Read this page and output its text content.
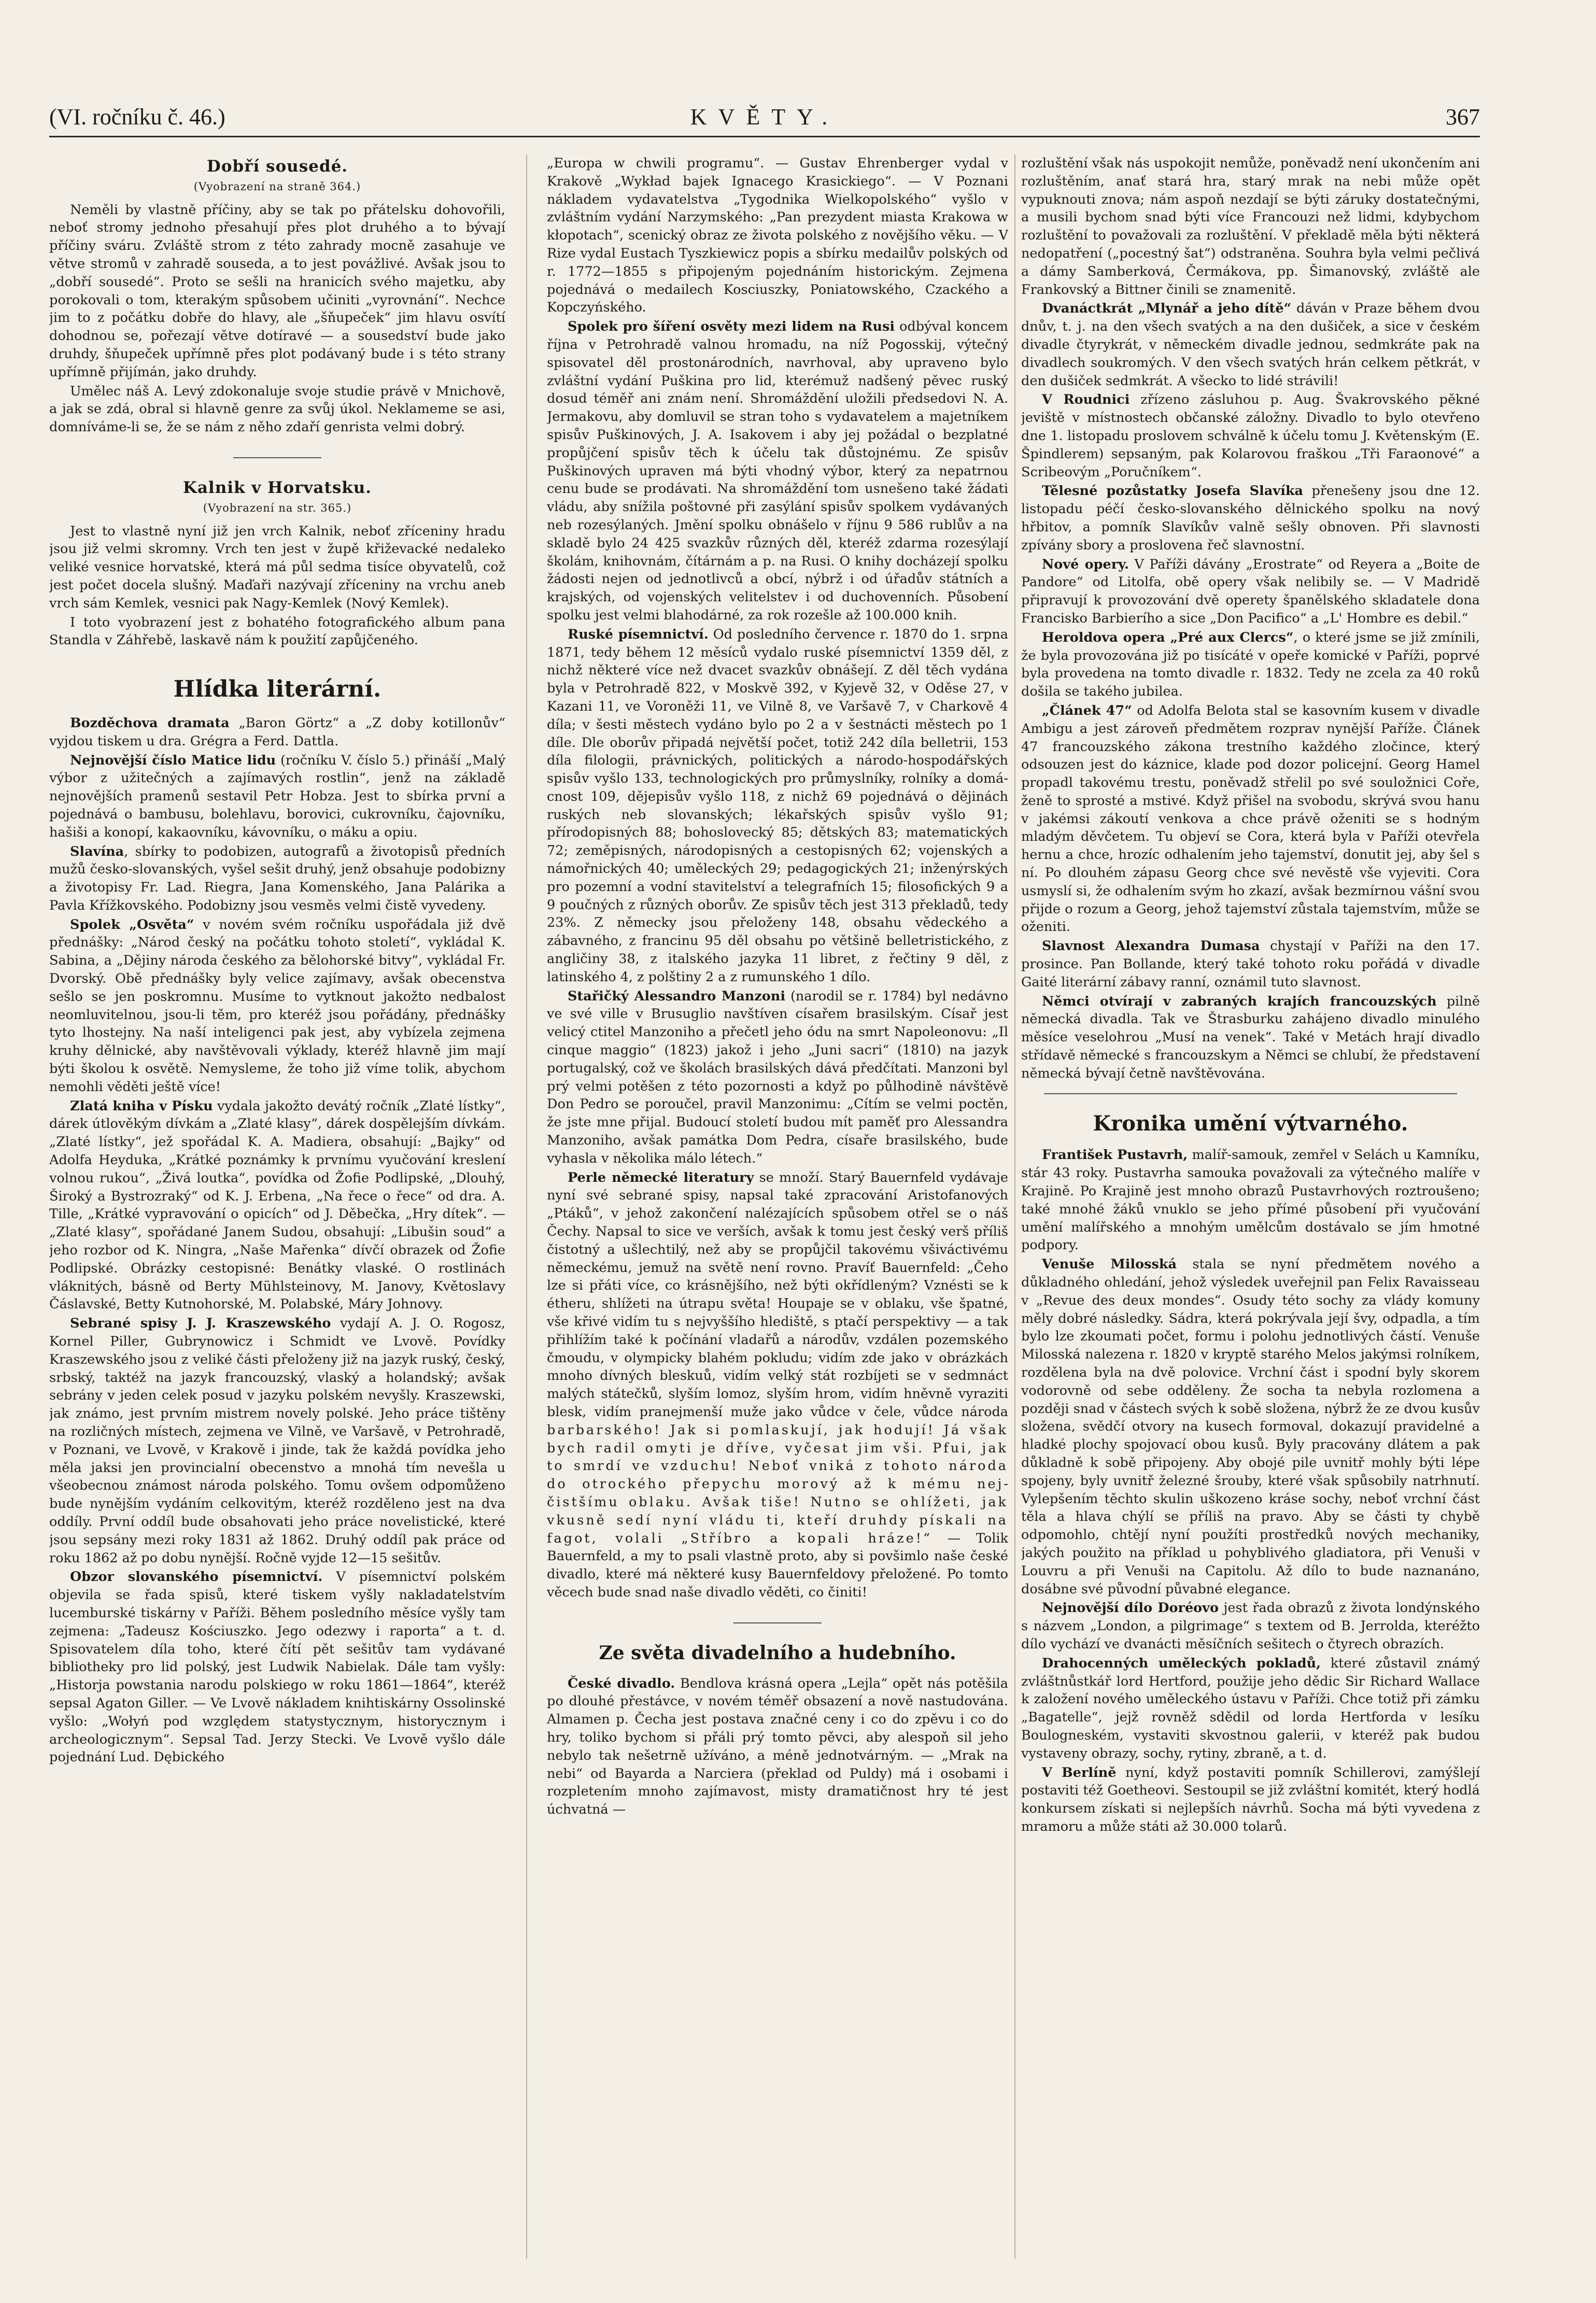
(VI. ročníku č. 46.)	KVĚTY.	367
Dobří sousedé.
(Vyobrazení na straně 364.)

Neměli by vlastně příčiny, aby se tak po přátelsku dohovořili, neboť stromy jednoho přesahují přes plot druhého a to bývají příčiny sváru. Zvláště strom z této zahrady mocně zasahuje ve větve stromů v zahradě souseda, a to jest povážlivé. Avšak jsou to „dobří sousedé“. Proto se sešli na hranicích svého majetku, aby porokovali o tom, kterakým spůsobem učiniti „vyrovnání“. Nechce jim to z počátku dobře do hlavy, ale „šňupeček“ jim hlavu osvítí dohodnou se, pořezají větve dotíravé — a sousedství bude jako druhdy, šňupeček upřímně přes plot podávaný bude i s této strany upřímně přijímán, jako druhdy.

Umělec náš A. Levý zdokonaluje svoje studie právě v Mnichově, a jak se zdá, obral si hlavně genre za svůj úkol. Neklameme se asi, domníváme-li se, že se nám z něho zdaří genrista velmi dobrý.

Kalnik v Horvatsku.
(Vyobrazení na str. 365.)

Jest to vlastně nyní již jen vrch Kalnik, neboť zříceniny hradu jsou již velmi skromny. Vrch ten jest v župě křiževacké nedaleko veliké vesnice horvatské, která má půl sedma tisíce obyvatelů, což jest počet docela slušný. Maďaři nazývají zříceniny na vrchu aneb vrch sám Kemlek, vesnici pak Nagy-Kemlek (Nový Kemlek).

I toto vyobrazení jest z bohatého fotografického album pana Standla v Záhřebě, laskavě nám k použití zapůjčeného.

Hlídka literární.

Bozděchova dramata „Baron Görtz“ a „Z doby kotillonův“ vyjdou tiskem u dra. Grégra a Ferd. Dattla.

Nejnovější číslo Matice lidu (ročníku V. číslo 5.) přináší „Malý výbor z užitečných a zajímavých rostlin“, jenž na základě nejnovějších pramenů sestavil Petr Hobza. Jest to sbírka první a pojednává o bambusu, bolehlavu, borovici, cukrovníku, čajovníku, hašiši a konopí, kakaovníku, kávovníku, o máku a opiu.

Slavína, sbírky to podobizen, autografů a životopisů předních mužů česko-slovanských, vyšel sešit druhý, jenž obsahuje podobizny a životopisy Fr. Lad. Riegra, Jana Komenského, Jana Palárika a Pavla Křížkovského. Podobizny jsou vesměs velmi čistě vyvedeny.

Spolek „Osvěta“ v novém svém ročníku uspořádala již dvě přednášky: „Národ český na počátku tohoto století“, vykládal K. Sabina, a „Dějiny národa českého za bělohorské bitvy“, vykládal Fr. Dvorský. Obě přednášky byly velice zajímavy, avšak obecenstva sešlo se jen poskromnu. Musíme to vytknout jakožto nedbalost neomluvitelnou, jsou-li těm, pro kteréž jsou pořádány, přednášky tyto lhostejny. Na naší inteligenci pak jest, aby vybízela zejmena kruhy dělnické, aby navštěvovali výklady, kteréž hlavně jim mají býti školou k osvětě. Nemysleme, že toho již víme tolik, abychom nemohli věděti ještě více!

Zlatá kniha v Písku vydala jakožto devátý ročník „Zlaté lístky“, dárek útlověkým dívkám a „Zlaté klasy“, dárek dospělejším dívkám. „Zlaté lístky“, jež spořádal K. A. Madiera, obsahují: „Bajky“ od Adolfa Heyduka, „Krátké poznámky k prvnímu vyučování kreslení volnou rukou“, „Živá loutka“, povídka od Žofie Podlipské, „Dlouhý, Široký a Bystrozraký“ od K. J. Erbena, „Na řece o řece“ od dra. A. Tille, „Krátké vypravování o opicích“ od J. Děbečka, „Hry dítek“. — „Zlaté klasy“, spořádané Janem Sudou, obsahují: „Libušin soud“ a jeho rozbor od K. Ningra, „Naše Mařenka“ dívčí obrazek od Žofie Podlipské. Obrázky cestopisné: Benátky vlaské. O rostlinách vláknitých, básně od Berty Mühlsteinovy, M. Janovy, Květoslavy Čáslavské, Betty Kutnohorské, M. Polabské, Máry Johnovy.

Sebrané spisy J. J. Kraszewského vydají A. J. O. Rogosz, Kornel Piller, Gubrynowicz i Schmidt ve Lvově. Povídky Kraszewského jsou z veliké části přeloženy již na jazyk ruský, český, srbský, taktéž na jazyk francouzský, vlaský a holandský; avšak sebrány v jeden celek posud v jazyku polském nevyšly. Kraszewski, jak známo, jest prvním mistrem novely polské. Jeho práce tištěny na rozličných místech, zejmena ve Vilně, ve Varšavě, v Petrohradě, v Poznani, ve Lvově, v Krakově i jinde, tak že každá povídka jeho měla jaksi jen provincialní obecenstvo a mnohá tím nevešla u všeobecnou známost národa polského. Tomu ovšem odpomůženo bude nynějším vydáním celkovitým, kteréž rozděleno jest na dva oddíly. První oddíl bude obsahovati jeho práce novelistické, které jsou sepsány mezi roky 1831 až 1862. Druhý oddíl pak práce od roku 1862 až po dobu nynější. Ročně vyjde 12—15 sešitův.

Obzor slovanského písemnictví. V písemnictví polském objevila se řada spisů, které tiskem vyšly nakladatelstvím lucemburské tiskárny v Paříži. Během posledního měsíce vyšly tam zejmena: „Tadeusz Kościuszko. Jego odezwy i raporta“ a t. d. Spisovatelem díla toho, které čítí pět sešitův tam vydávané bibliotheky pro lid polský, jest Ludwik Nabielak. Dále tam vyšly: „Historja powstania narodu polskiego w roku 1861—1864“, kteréž sepsal Agaton Giller. — Ve Lvově nákladem knihtiskárny Ossolinské vyšlo: „Wołyń pod względem statystycznym, historycznym i archeologicznym“. Sepsal Tad. Jerzy Stecki. Ve Lvově vyšlo dále pojednání Lud. Dębického

„Europa w chwili programu“. — Gustav Ehrenberger vydal v Krakově „Wykład bajek Ignacego Krasickiego“. — V Poznani nákladem vydavatelstva „Tygodnika Wielkopolského“ vyšlo v zvláštním vydání Narzymského: „Pan prezydent miasta Krakowa w kłopotach“, scenický obraz ze života polského z novějšího věku. — V Rize vydal Eustach Tyszkiewicz popis a sbírku medailův polských od r. 1772—1855 s připojeným pojednáním historickým. Zejmena pojednává o medailech Kosciuszky, Poniatowského, Czackého a Kopczyńského.

Spolek pro šíření osvěty mezi lidem na Rusi odbýval koncem října v Petrohradě valnou hromadu, na níž Pogosskij, výtečný spisovatel děl prostonárodních, navrhoval, aby upraveno bylo zvláštní vydání Puškina pro lid, kterémuž nadšený pěvec ruský dosud téměř ani znám není. Shromáždění uložili předsedovi N. A. Jermakovu, aby domluvil se stran toho s vydavatelem a majetníkem spisův Puškinových, J. A. Isakovem i aby jej požádal o bezplatné propůjčení spisův těch k účelu tak důstojnému. Ze spisův Puškinových upraven má býti vhodný výbor, který za nepatrnou cenu bude se prodávati. Na shromáždění tom usnešeno také žádati vládu, aby snížila poštovné při zasýlání spisův spolkem vydávaných neb rozesýlaných. Jmění spolku obnášelo v říjnu 9 586 rublův a na skladě bylo 24 425 svazkův různých děl, kteréž zdarma rozesýlají školám, knihovnám, čítárnám a p. na Rusi. O knihy docházejí spolku žádosti nejen od jednotlivců a obcí, nýbrž i od úřadův státních a krajských, od vojenských velitelstev i od duchovenních. Působení spolku jest velmi blahodárné, za rok rozešle až 100.000 knih.

Ruské písemnictví. Od posledního července r. 1870 do 1. srpna 1871, tedy během 12 měsíců vydalo ruské písemnictví 1359 děl, z nichž některé více než dvacet svazkův obnášejí. Z děl těch vydána byla v Petrohradě 822, v Moskvě 392, v Kyjevě 32, v Oděse 27, v Kazani 11, ve Voroněži 11, ve Vilně 8, ve Varšavě 7, v Charkově 4 díla; v šesti městech vydáno bylo po 2 a v šestnácti městech po 1 díle. Dle oborův připadá největší počet, totiž 242 díla belletrii, 153 díla filologii, právnických, politických a národo-hospodářských spisův vyšlo 133, technologických pro průmyslníky, rolníky a domácnost 109, dějepisův vyšlo 118, z nichž 69 pojednává o dějinách ruských neb slovanských; lékařských spisův vyšlo 91; přírodopisných 88; bohoslovecký 85; dětských 83; matematických 72; zeměpisných, národopisných a cestopisných 62; vojenských a námořnických 40; uměleckých 29; pedagogických 21; inženýrských pro pozemní a vodní stavitelství a telegrafních 15; filosofických 9 a 9 poučných z různých oborův. Ze spisův těch jest 313 překladů, tedy 23%. Z německy jsou přeloženy 148, obsahu vědeckého a zábavného, z francinu 95 děl obsahu po většině belletristického, z angličiny 38, z italského jazyka 11 libret, z řečtiny 9 děl, z latinského 4, z polštiny 2 a z rumunského 1 dílo.

Stařičký Alessandro Manzoni (narodil se r. 1784) byl nedávno ve své ville v Brusuglio navštíven císařem brasilským. Císař jest velicý ctitel Manzoniho a přečetl jeho ódu na smrt Napoleonovu: „Il cinque maggio“ (1823) jakož i jeho „Juni sacri“ (1810) na jazyk portugalský, což ve školách brasilských dává předčítati. Manzoni byl prý velmi potěšen z této pozornosti a když po půlhodině návštěvě Don Pedro se poroučel, pravil Manzonimu: „Cítím se velmi poctěn, že jste mne přijal. Budoucí století budou mít paměť pro Alessandra Manzoniho, avšak památka Dom Pedra, císaře brasilského, bude vyhasla v několika málo létech.“

Perle německé literatury se množí. Starý Bauernfeld vydávaje nyní své sebrané spisy, napsal také zpracování Aristofanových „Ptáků“, v jehož zakončení nalézajících spůsobem otřel se o náš Čechy. Napsal to sice ve verších, avšak k tomu jest český verš příliš čistotný a ušlechtilý, než aby se propůjčil takovému všiváctivému německému, jemuž na světě není rovno. Pravíť Bauernfeld: „Čeho lze si přáti více, co krásnějšího, než býti okřídleným? Vznésti se k étheru, shlížeti na útrapu světa! Houpaje se v oblaku, vše špatné, vše křivé vidím tu s nejvyššího hlediště, s ptačí perspektivy — a tak přihlížím také k počínání vladařů a národův, vzdálen pozemského čmoudu, v olympicky blahém pokludu; vidím zde jako v obrázkách mnoho dívných bleskuů, vidím velký stát rozbíjeti se v sedmnáct malých státečků, slyším lomoz, slyším hrom, vidím hněvně vyraziti blesk, vidím pranejmenší muže jako vůdce v čele, vůdce národa barbarského! Jak si pomlaskují, jak hodují! Já však bych radil omyti je dříve, vyčesat jim vši. Pfui, jak to smrdí ve vzduchu! Neboť vniká z tohoto národa do otrockého přepychu morový až k mému nejčistšímu oblaku. Avšak tiše! Nutno se ohlížeti, jak vkusně sedí nyní vládu ti, kteří druhdy pískali na fagot, volali „Stříbro a kopali hráze!“ — Tolik Bauernfeld, a my to psali vlastně proto, aby si povšimlo naše české divadlo, které má některé kusy Bauernfeldovy přeložené. Po tomto věcech bude snad naše divadlo věděti, co činiti!

Ze světa divadelního a hudebního.

České divadlo. Bendlova krásná opera „Lejla“ opět nás potěšila po dlouhé přestávce, v novém téměř obsazení a nově nastudována. Almamen p. Čecha jest postava značné ceny i co do zpěvu i co do hry, toliko bychom si přáli prý tomto pěvci, aby alespoň sil jeho nebylo tak nešetrně užíváno, a méně jednotvárným. — „Mrak na nebi“ od Bayarda a Narciera (překlad od Puldy) má i osobami i rozpletením mnoho zajímavost, misty dramatičnost hry té jest úchvatná —

rozluštění však nás uspokojit nemůže, poněvadž není ukončením ani rozluštěním, anať stará hra, starý mrak na nebi může opět vypuknouti znova; nám aspoň nezdají se býti záruky dostatečnými, a musili bychom snad býti více Francouzi než lidmi, kdybychom rozluštění to považovali za rozluštění. V překladě měla býti některá nedopatření („pocestný šat“) odstraněna. Souhra byla velmi pečlivá a dámy Samberková, Čermákova, pp. Šimanovský, zvláště ale Frankovský a Bittner činili se znamenitě.

Dvanáctkrát „Mlynář a jeho dítě“ dáván v Praze během dvou dnův, t. j. na den všech svatých a na den dušiček, a sice v českém divadle čtyrykrát, v německém divadle jednou, sedmkráte pak na divadlech soukromých. V den všech svatých hrán celkem pětkrát, v den dušiček sedmkrát. A všecko to lidé strávili!

V Roudnici zřízeno zásluhou p. Aug. Švakrovského pěkné jeviště v místnostech občanské záložny. Divadlo to bylo otevřeno dne 1. listopadu proslovem schválně k účelu tomu J. Květenským (E. Špindlerem) sepsaným, pak Kolarovou fraškou „Tři Faraonové“ a Scribeovým „Poručníkem“.

Tělesné pozůstatky Josefa Slavíka přenešeny jsou dne 12. listopadu péčí česko-slovanského dělnického spolku na nový hřbitov, a pomník Slavíkův valně sešly obnoven. Při slavnosti zpívány sbory a proslovena řeč slavnostní.

Nové opery. V Paříži dávány „Erostrate“ od Reyera a „Boite de Pandore“ od Litolfa, obě opery však nelibily se. — V Madridě připravují k provozování dvě operety španělského skladatele dona Francisko Barbierího a sice „Don Pacifico“ a „L' Hombre es debil.“

Heroldova opera „Pré aux Clercs“, o které jsme se již zmínili, že byla provozována již po tisícáté v opeře komické v Paříži, poprvé byla provedena na tomto divadle r. 1832. Tedy ne zcela za 40 roků došila se takého jubilea.

„Článek 47“ od Adolfa Belota stal se kasovním kusem v divadle Ambigu a jest zároveň předmětem rozprav nynější Paříže. Článek 47 francouzského zákona trestního každého zločince, který odsouzen jest do káznice, klade pod dozor policejní. Georg Hamel propadl takovému trestu, poněvadž střelil po své souložnici Coře, ženě to sprosté a mstivé. Když přišel na svobodu, skrývá svou hanu v jakémsi zákoutí venkova a chce právě oženiti se s hodným mladým děvčetem. Tu objeví se Cora, která byla v Paříži otevřela hernu a chce, hrozíc odhalením jeho tajemství, donutit jej, aby šel s ní. Po dlouhém zápasu Georg chce své nevěstě vše vyjeviti. Cora usmyslí si, že odhalením svým ho zkazí, avšak bezmírnou vášní svou přijde o rozum a Georg, jehož tajemství zůstala tajemstvím, může se oženiti.

Slavnost Alexandra Dumasa chystají v Paříži na den 17. prosince. Pan Bollande, který také tohoto roku pořádá v divadle Gaité literární zábavy ranní, oznámil tuto slavnost.

Němci otvírají v zabraných krajích francouzských pilně německá divadla. Tak ve Štrasburku zahájeno divadlo minulého měsíce veselohrou „Musí na venek“. Také v Metách hrají divadlo střídavě německé s francouzskym a Němci se chlubí, že představení německá bývají četně navštěvována.

Kronika umění výtvarného.

František Pustavrh, malíř-samouk, zemřel v Selách u Kamníku, stár 43 roky. Pustavrha samouka považovali za výtečného malíře v Krajině. Po Krajině jest mnoho obrazů Pustavrhových roztroušeno; také mnohé žáků vnuklo se jeho přímé působení při vyučování umění malířského a mnohým umělcům dostávalo se jím hmotné podpory.

Venuše Milosská stala se nyní předmětem nového a důkladného ohledání, jehož výsledek uveřejnil pan Felix Ravaisseau v „Revue des deux mondes“. Osudy této sochy za vlády komuny měly dobré následky. Sádra, která pokrývala její švy, odpadla, a tím bylo lze zkoumati počet, formu i polohu jednotlivých částí. Venuše Milosská nalezena r. 1820 v kryptě starého Melos jakýmsi rolníkem, rozdělena byla na dvě polovice. Vrchní část i spodní byly skorem vodorovně od sebe odděleny. Že socha ta nebyla rozlomena a později snad v částech svých k sobě složena, nýbrž že ze dvou kusův složena, svědčí otvory na kusech formoval, dokazují pravidelné a hladké plochy spojovací obou kusů. Byly pracovány dlátem a pak důkladně k sobě připojeny. Aby obojé pile uvnitř mohly býti lépe spojeny, byly uvnitř železné šrouby, které však spůsobily natrhnutí. Vylepšením těchto skulin uškozeno kráse sochy, neboť vrchní část těla a hlava chýlí se příliš na pravo. Aby se části ty chybě odpomohlo, chtějí nyní použíti prostředků nových mechaniky, jakých použito na příklad u pohyblivého gladiatora, při Venuši v Louvru a při Venuši na Capitolu. Až dílo to bude naznanáno, dosábne své původní půvabné elegance.

Nejnovější dílo Doréovo jest řada obrazů z života londýnského s názvem „London, a pilgrimage“ s textem od B. Jerrolda, kteréžto dílo vychází ve dvanácti měsíčních sešitech o čtyrech obrazích.

Drahocenných uměleckých pokladů, které zůstavil známý zvláštnůstkář lord Hertford, použije jeho dědic Sir Richard Wallace k založení nového uměleckého ústavu v Paříži. Chce totiž při zámku „Bagatelle“, jejž rovněž sdědil od lorda Hertforda v lesíku Boulogneském, vystaviti skvostnou galerii, v kteréž pak budou vystaveny obrazy, sochy, rytiny, zbraně, a t. d.

V Berlíně nyní, když postaviti pomník Schillerovi, zamýšlejí postaviti též Goetheovi. Sestoupil se již zvláštní komitét, který hodlá konkursem získati si nejlepších návrhů. Socha má býti vyvedena z mramoru a může státi až 30.000 tolarů.
